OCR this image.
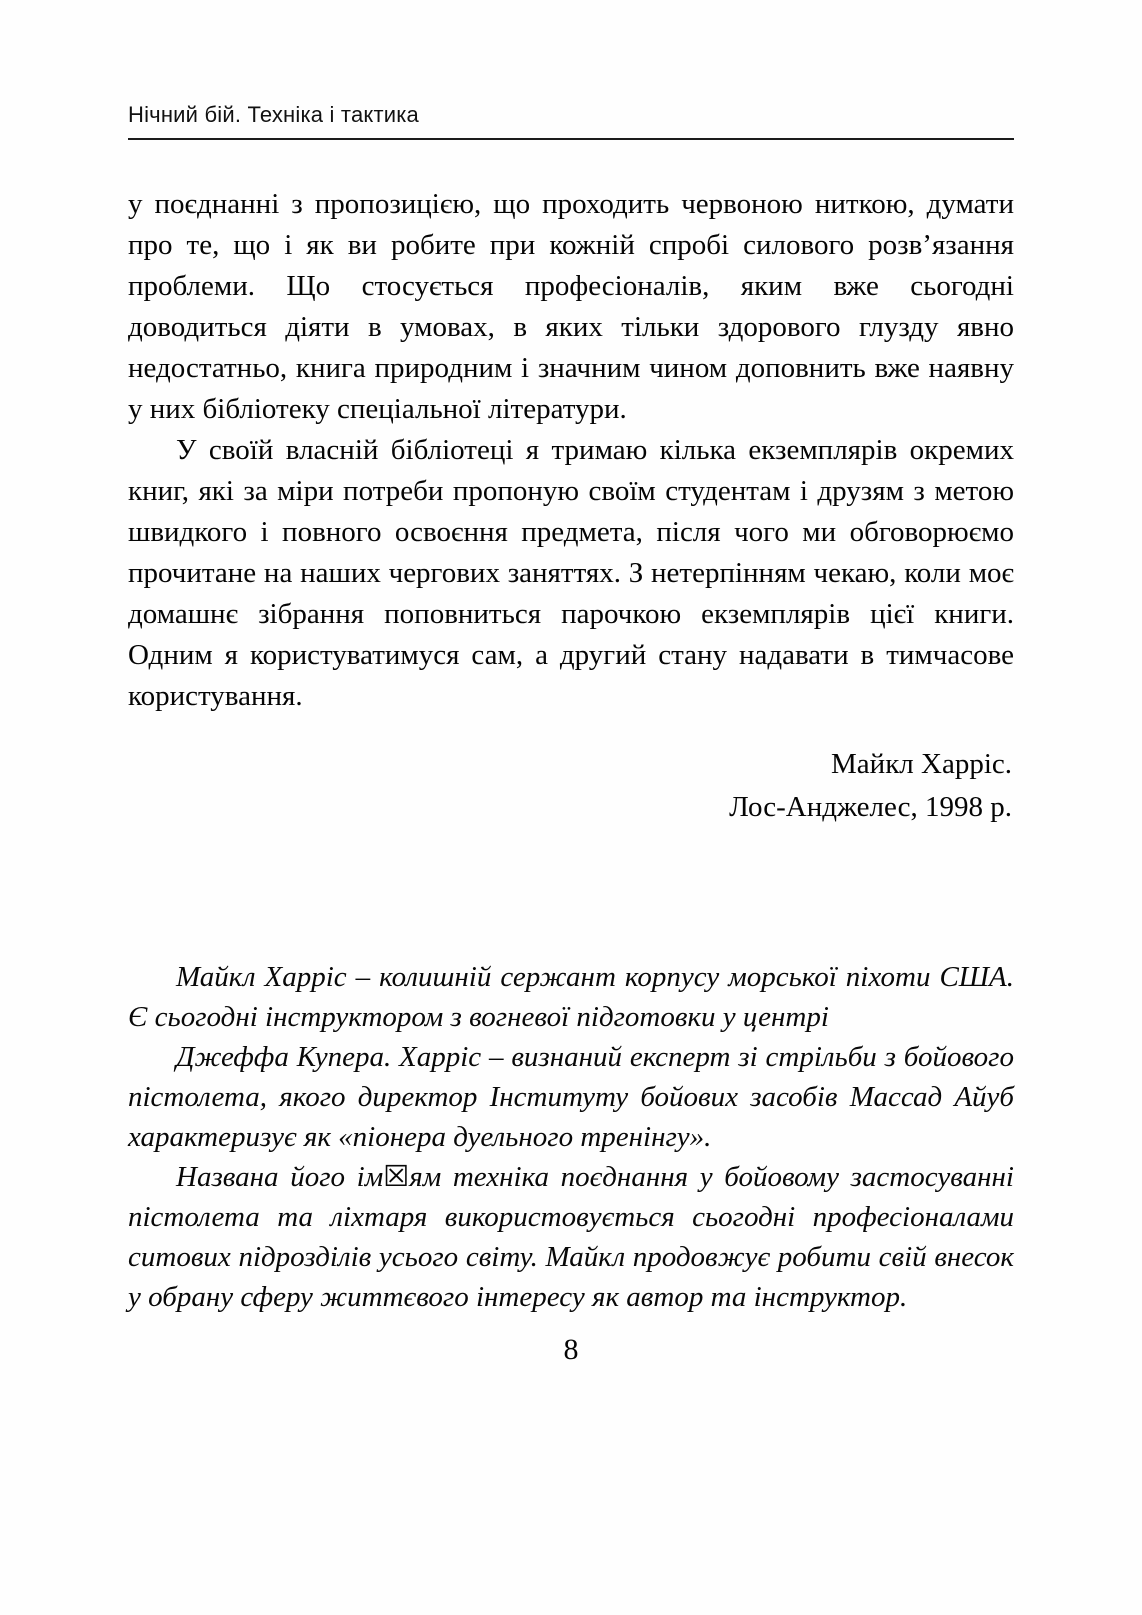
Нічний бій. Техніка і тактика

у поєднанні з пропозицією, що проходить червоною ниткою, думати про те, що і як ви робите при кожній спробі силового розв’язання проблеми. Що стосується професіоналів, яким вже сьогодні доводиться діяти в умовах, в яких тільки здорового глузду явно недостатньо, книга природним і значним чином доповнить вже наявну у них бібліотеку спеціальної літератури.

У своїй власній бібліотеці я тримаю кілька екземплярів окремих книг, які за міри потреби пропоную своїм студентам і друзям з метою швидкого і повного освоєння предмета, після чого ми обговорюємо прочитане на наших чергових заняттях. З нетерпінням чекаю, коли моє домашнє зібрання поповниться парочкою екземплярів цієї книги. Одним я користуватимуся сам, а другий стану надавати в тимчасове користування.

Майкл Харріс.
Лос-Анджелес, 1998 р.

Майкл Харріс – колишній сержант корпусу морської піхоти США. Є сьогодні інструктором з вогневої підготовки у центрі

Джеффа Купера. Харріс – визнаний експерт зі стрільби з бойового пістолета, якого директор Інституту бойових засобів Массад Айуб характеризує як «піонера дуельного тренінгу».

Названа його ім☒ям техніка поєднання у бойовому застосуванні пістолета та ліхтаря використовується сьогодні професіоналами ситових підрозділів усього світу. Майкл продовжує робити свій внесок у обрану сферу життєвого інтересу як автор та інструктор.

8
